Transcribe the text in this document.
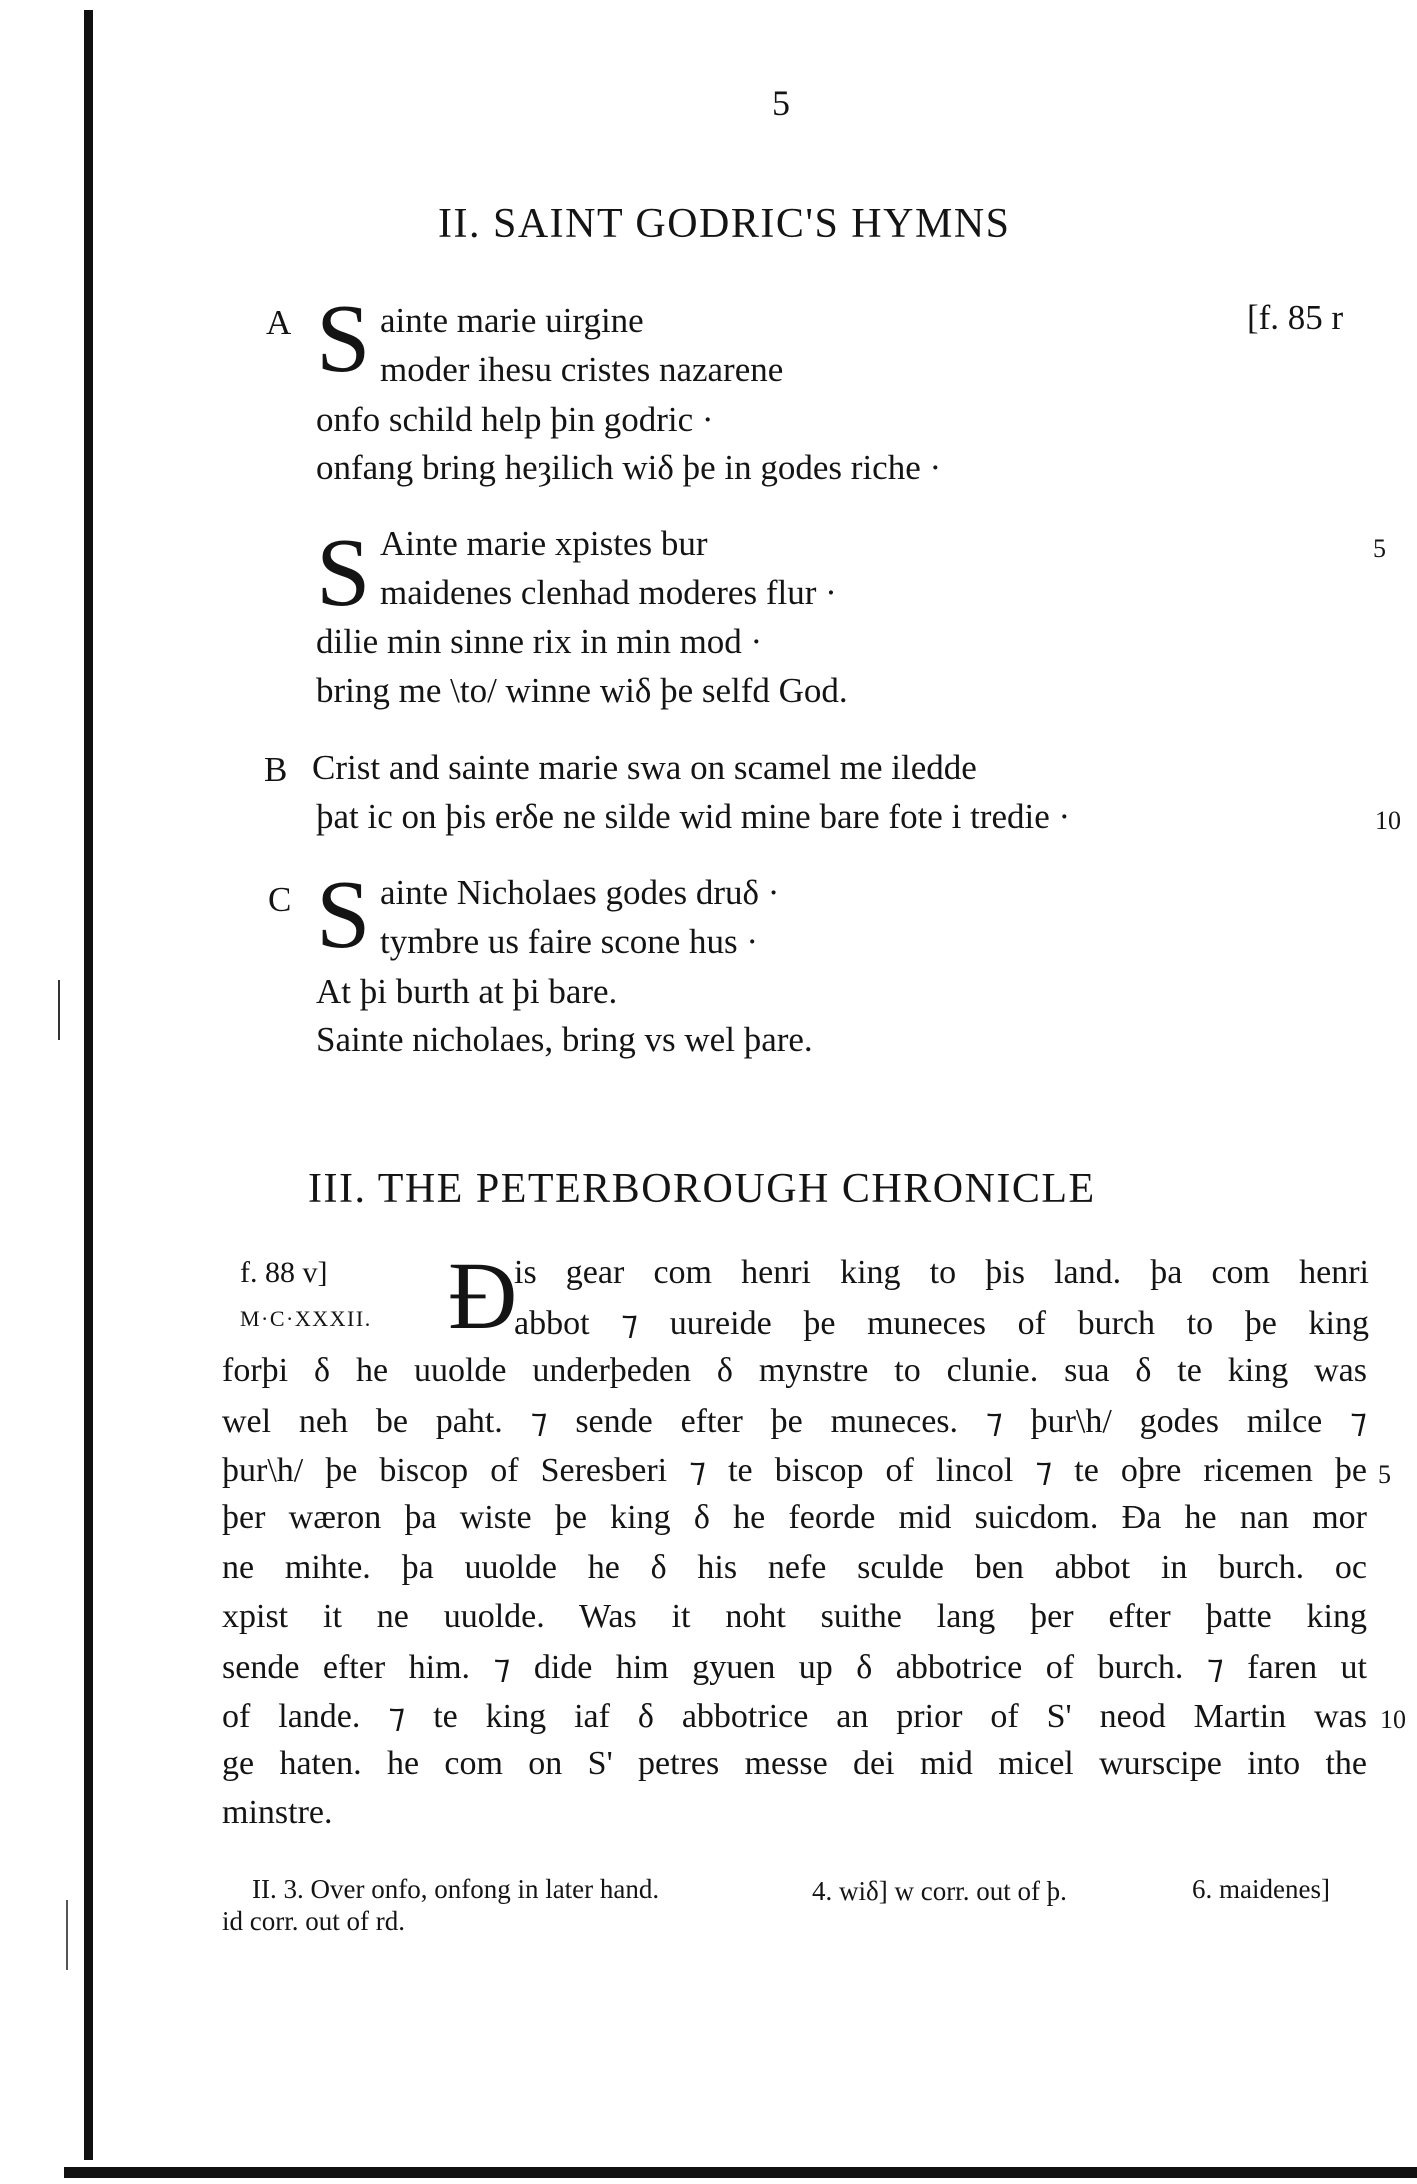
5
II. SAINT GODRIC'S HYMNS
A	[f. 85 r
S ainte marie uirgine
moder ihesu cristes nazarene
onfo schild help þin godric ·
onfang bring heȝilich wiδ þe in godes riche ·
S Ainte marie xpistes bur	5
maidenes clenhad moderes flur ·
dilie min sinne rix in min mod ·
bring me \to/ winne wiδ þe selfd God.
B Crist and sainte marie swa on scamel me iledde
þat ic on þis erδe ne silde wid mine bare fote i tredie ·	10
C S ainte Nicholaes godes druδ ·
tymbre us faire scone hus ·
At þi burth at þi bare.
Sainte nicholaes, bring vs wel þare.
III. THE PETERBOROUGH CHRONICLE
f. 88 v]
M·C·XXXII. Ð
is gear com henri king to þis land. þa com henri
abbot ⁊ uureide þe muneces of burch to þe king
forþi δ he uuolde underþeden δ mynstre to clunie. sua δ te king was
wel neh be paht. ⁊ sende efter þe muneces. ⁊ þur\h/ godes milce ⁊
þur\h/ þe biscop of Seresberi ⁊ te biscop of lincol ⁊ te oþre ricemen þe 5
þer wæron þa wiste þe king δ he feorde mid suicdom. Ða he nan mor
ne mihte. þa uuolde he δ his nefe sculde ben abbot in burch. oc
xpist it ne uuolde. Was it noht suithe lang þer efter þatte king
sende efter him. ⁊ dide him gyuen up δ abbotrice of burch. ⁊ faren ut
of lande. ⁊ te king iaf δ abbotrice an prior of S' neod Martin was 10
ge haten. he com on S' petres messe dei mid micel wurscipe into the
minstre.
II. 3. Over onfo, onfong in later hand.	4. wiδ] w corr. out of þ.	6. maidenes]
id corr. out of rd.
